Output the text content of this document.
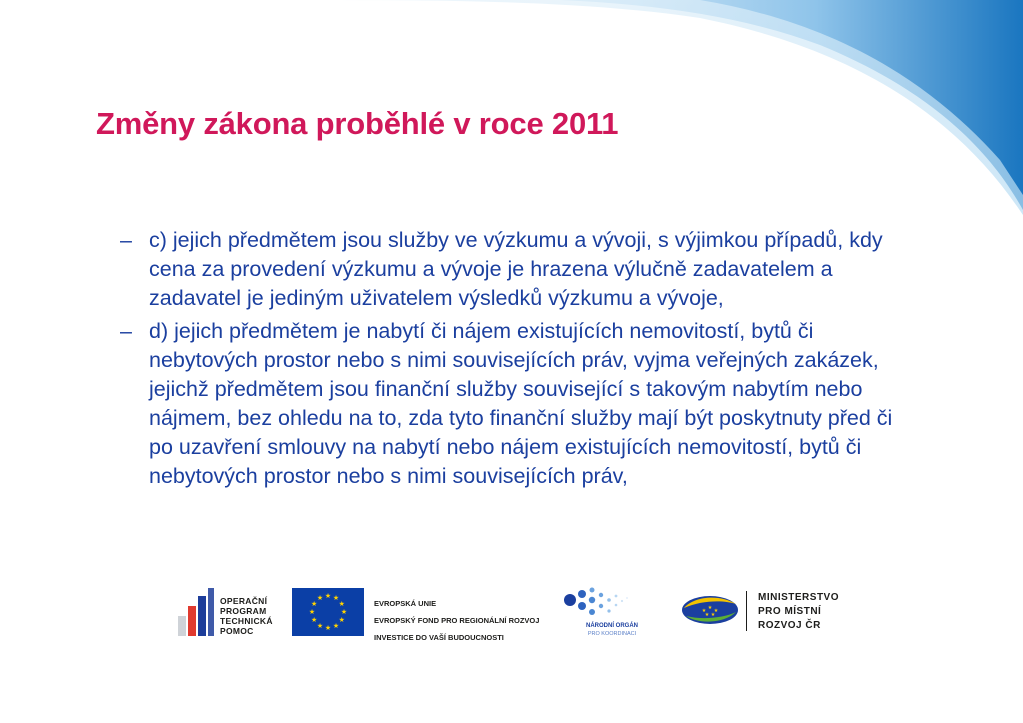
Změny zákona proběhlé v roce 2011
– c) jejich předmětem jsou služby ve výzkumu a vývoji, s výjimkou případů, kdy cena za provedení výzkumu a vývoje je hrazena výlučně zadavatelem a zadavatel je jediným uživatelem výsledků výzkumu a vývoje,
– d) jejich předmětem je nabytí či nájem existujících nemovitostí, bytů či nebytových prostor nebo s nimi souvisejících práv, vyjma veřejných zakázek, jejichž předmětem jsou finanční služby související s takovým nabytím nebo nájmem, bez ohledu na to, zda tyto finanční služby mají být poskytnuty před či po uzavření smlouvy na nabytí nebo nájem existujících nemovitostí, bytů či nebytových prostor nebo s nimi souvisejících práv,
OPERAČNÍ
PROGRAM
TECHNICKÁ
POMOC
★ ★
★
★
★
★
★
★
★
★
★
★
EVROPSKÁ UNIE
EVROPSKÝ FOND PRO REGIONÁLNÍ ROZVOJ
INVESTICE DO VAŠÍ BUDOUCNOSTI
NÁRODNÍ ORGÁN
PRO KOORDINACI
★ ★ ★
★ ★
MINISTERSTVO
PRO MÍSTNÍ
ROZVOJ ČR
